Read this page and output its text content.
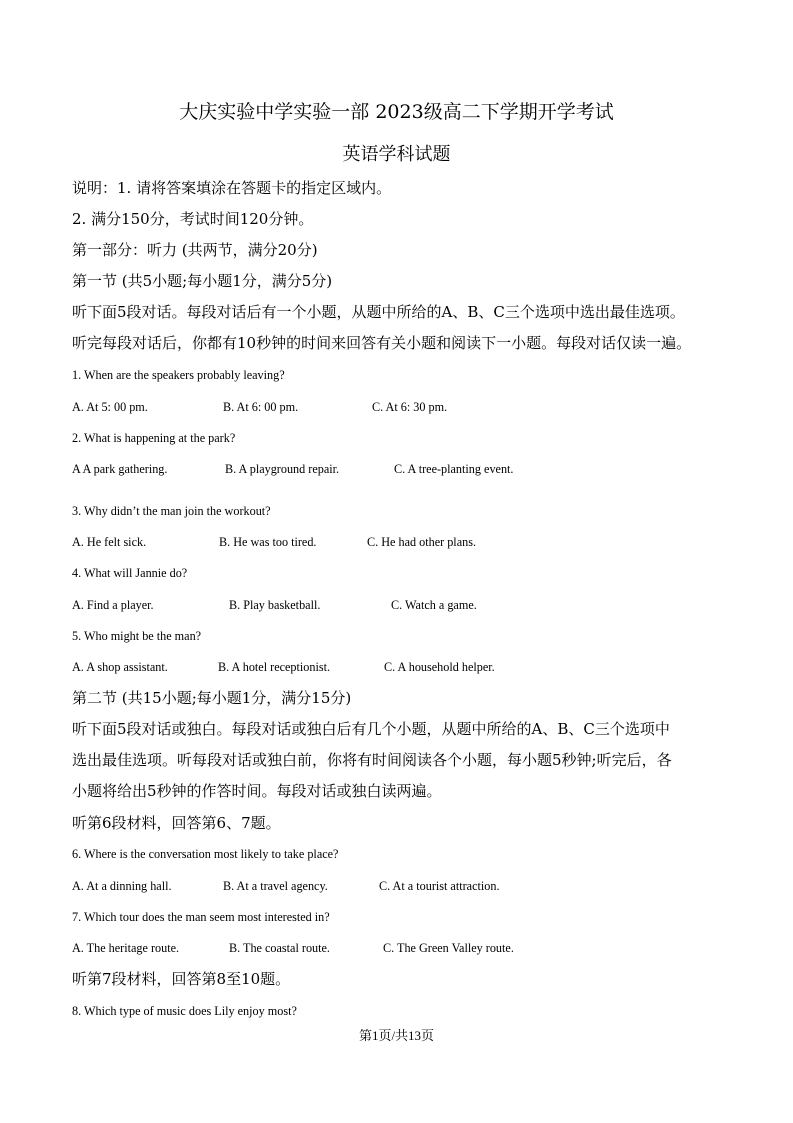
大庆实验中学实验一部 2023级高二下学期开学考试
英语学科试题
说明：1. 请将答案填涂在答题卡的指定区域内。
2. 满分150分，考试时间120分钟。
第一部分：听力 (共两节，满分20分)
第一节 (共5小题;每小题1分，满分5分)
听下面5段对话。每段对话后有一个小题，从题中所给的A、B、C三个选项中选出最佳选项。
听完每段对话后，你都有10秒钟的时间来回答有关小题和阅读下一小题。每段对话仅读一遍。
1. When are the speakers probably leaving?
A. At 5: 00 pm.	B. At 6: 00 pm.	C. At 6: 30 pm.
2. What is happening at the park?
A A park gathering.	B. A playground repair.	C. A tree-planting event.
3. Why didn’t the man join the workout?
A. He felt sick.	B. He was too tired.	C. He had other plans.
4. What will Jannie do?
A. Find a player.	B. Play basketball.	C. Watch a game.
5. Who might be the man?
A. A shop assistant.	B. A hotel receptionist.	C. A household helper.
第二节 (共15小题;每小题1分，满分15分)
听下面5段对话或独白。每段对话或独白后有几个小题，从题中所给的A、B、C三个选项中
选出最佳选项。听每段对话或独白前，你将有时间阅读各个小题，每小题5秒钟;听完后，各
小题将给出5秒钟的作答时间。每段对话或独白读两遍。
听第6段材料，回答第6、7题。
6. Where is the conversation most likely to take place?
A. At a dinning hall.	B. At a travel agency.	C. At a tourist attraction.
7. Which tour does the man seem most interested in?
A. The heritage route.	B. The coastal route.	C. The Green Valley route.
听第7段材料，回答第8至10题。
8. Which type of music does Lily enjoy most?
第1页/共13页
